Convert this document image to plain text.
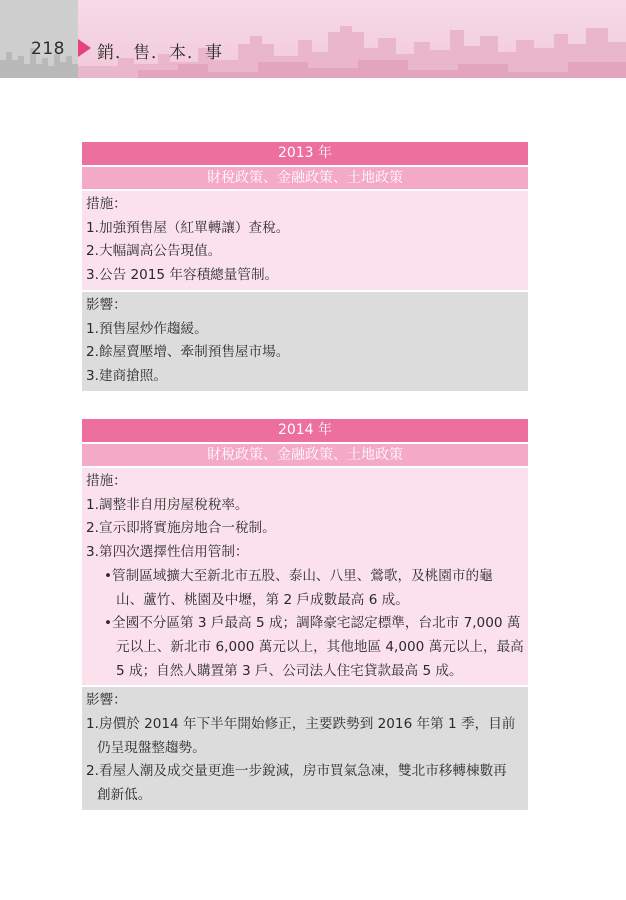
218 銷．售．本．事
2013 年
財稅政策、金融政策、土地政策
措施：
1.加強預售屋（紅單轉讓）查稅。
2.大幅調高公告現值。
3.公告 2015 年容積總量管制。
影響：
1.預售屋炒作趨緩。
2.餘屋賣壓增、牽制預售屋市場。
3.建商搶照。
2014 年
財稅政策、金融政策、土地政策
措施：
1.調整非自用房屋稅稅率。
2.宣示即將實施房地合一稅制。
3.第四次選擇性信用管制：
•管制區域擴大至新北市五股、泰山、八里、鶯歌，及桃園市的龜
山、蘆竹、桃園及中壢，第 2 戶成數最高 6 成。
•全國不分區第 3 戶最高 5 成；調降豪宅認定標準，台北市 7,000 萬
元以上、新北市 6,000 萬元以上，其他地區 4,000 萬元以上，最高
5 成；自然人購置第 3 戶、公司法人住宅貸款最高 5 成。
影響：
1.房價於 2014 年下半年開始修正，主要跌勢到 2016 年第 1 季，目前
仍呈現盤整趨勢。
2.看屋人潮及成交量更進一步銳減，房市買氣急凍，雙北市移轉棟數再
創新低。
